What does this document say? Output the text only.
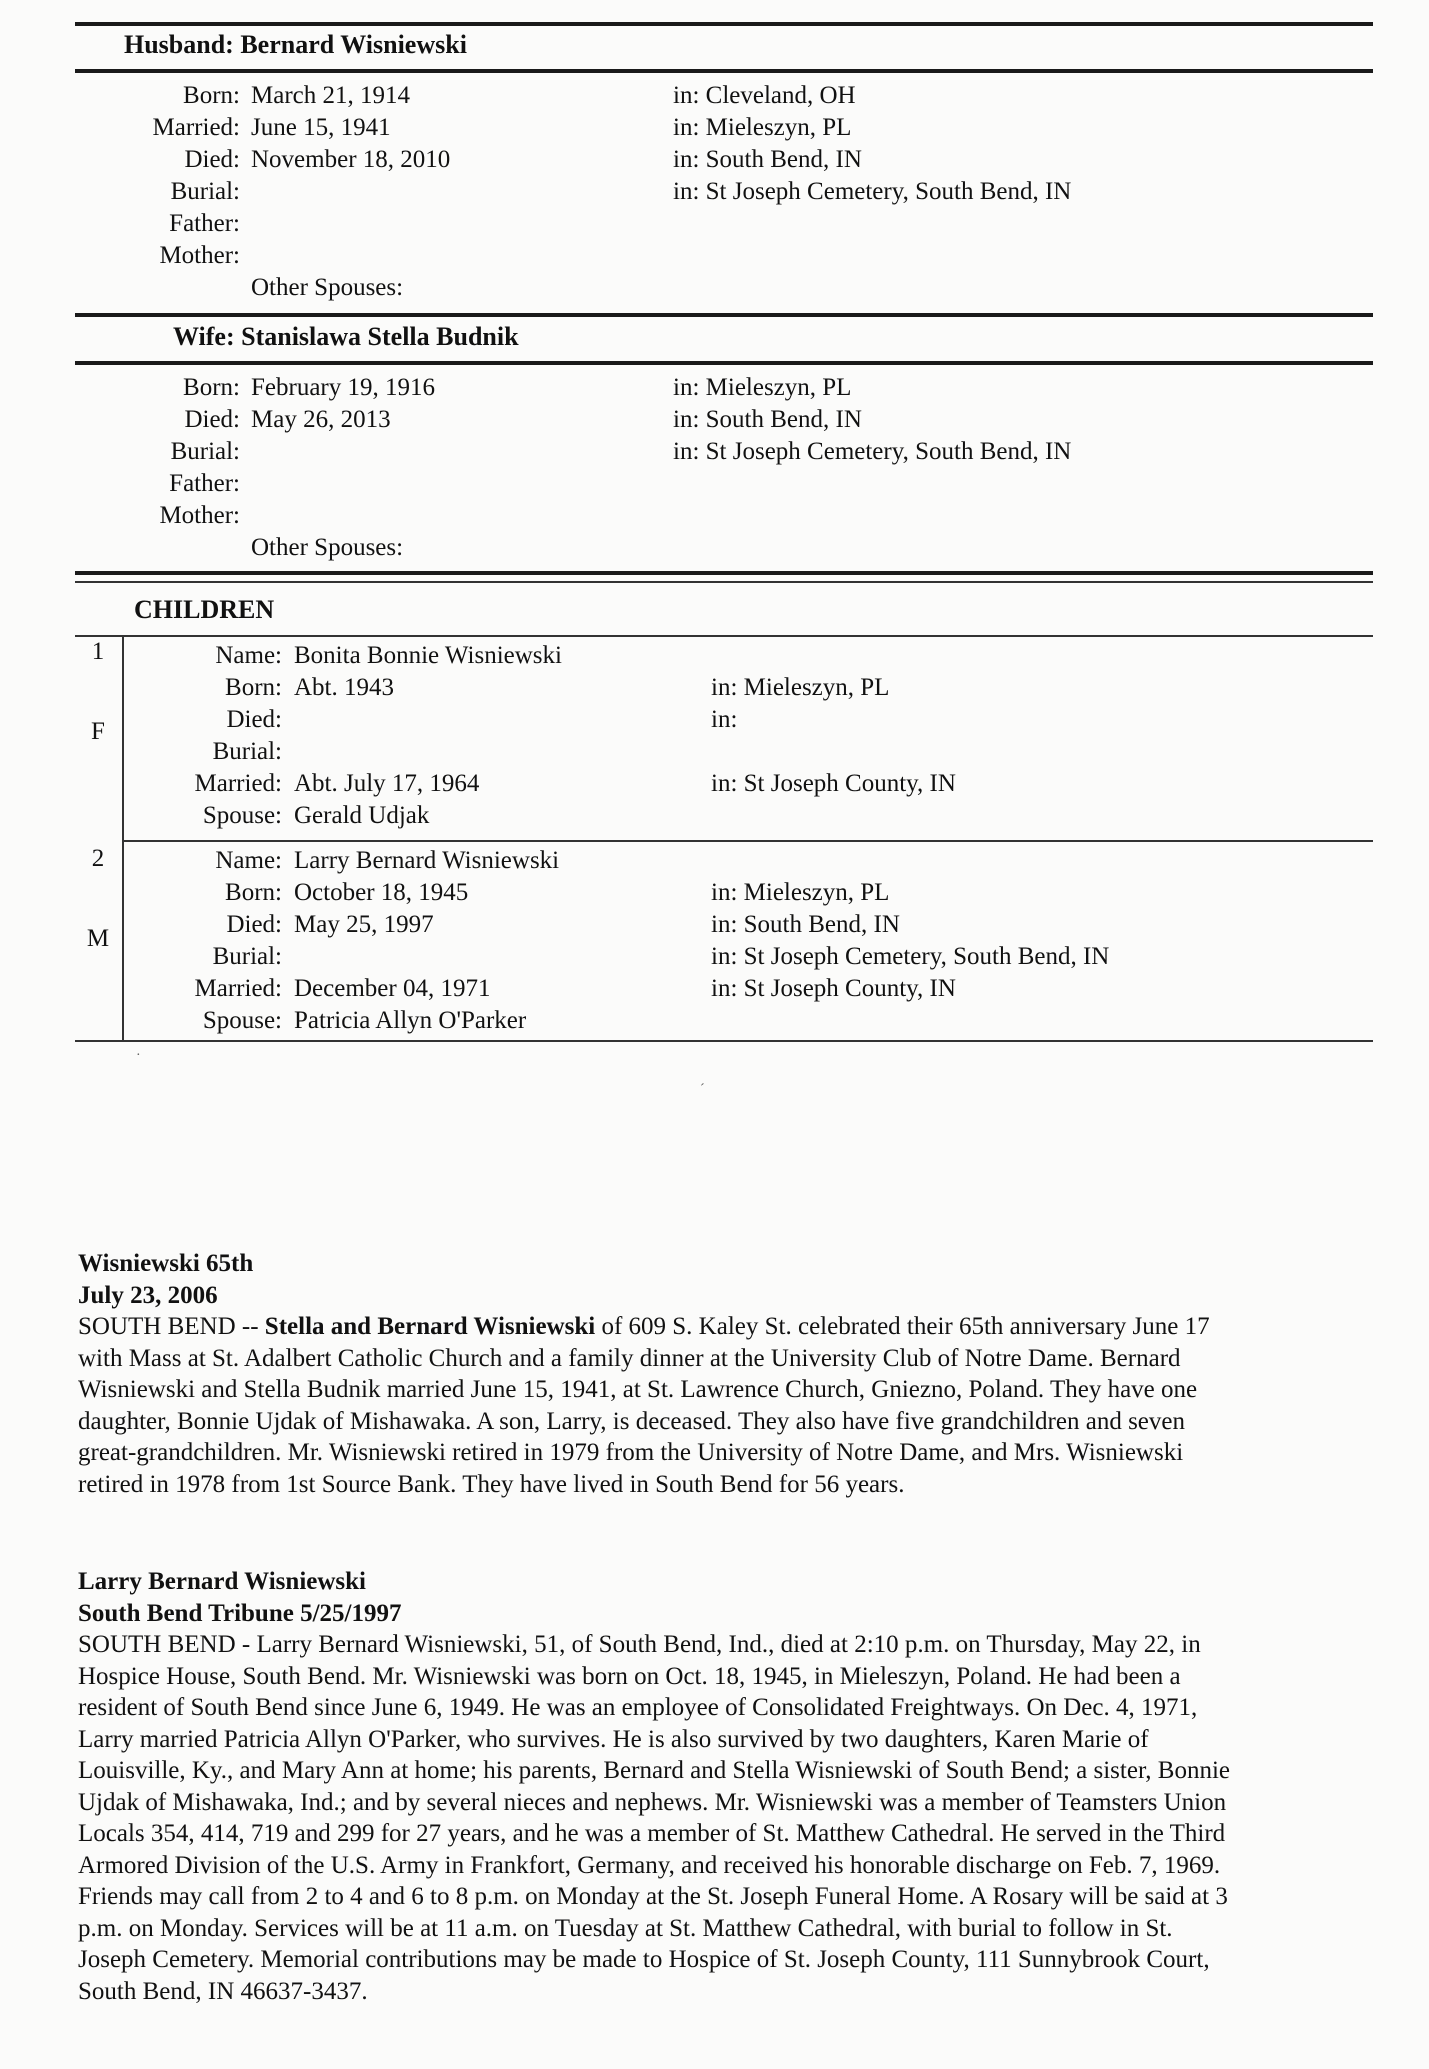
Husband: Bernard Wisniewski
Born: March 21, 1914	in: Cleveland, OH
Married: June 15, 1941	in: Mieleszyn, PL
Died: November 18, 2010	in: South Bend, IN
Burial:	in: St Joseph Cemetery, South Bend, IN
Father:
Mother:
Other Spouses:
Wife: Stanislawa Stella Budnik
Born: February 19, 1916	in: Mieleszyn, PL
Died: May 26, 2013	in: South Bend, IN
Burial:	in: St Joseph Cemetery, South Bend, IN
Father:
Mother:
Other Spouses:
CHILDREN
1
F
Name: Bonita Bonnie Wisniewski
Born: Abt. 1943	in: Mieleszyn, PL
Died:	in:
Burial:
Married: Abt. July 17, 1964	in: St Joseph County, IN
Spouse: Gerald Udjak
2
M
Name: Larry Bernard Wisniewski
Born: October 18, 1945	in: Mieleszyn, PL
Died: May 25, 1997	in: South Bend, IN
Burial:	in: St Joseph Cemetery, South Bend, IN
Married: December 04, 1971	in: St Joseph County, IN
Spouse: Patricia Allyn O'Parker
·
ˊ
Wisniewski 65th
July 23, 2006

SOUTH BEND -- Stella and Bernard Wisniewski of 609 S. Kaley St. celebrated their 65th anniversary June 17

with Mass at St. Adalbert Catholic Church and a family dinner at the University Club of Notre Dame. Bernard

Wisniewski and Stella Budnik married June 15, 1941, at St. Lawrence Church, Gniezno, Poland. They have one

daughter, Bonnie Ujdak of Mishawaka. A son, Larry, is deceased. They also have five grandchildren and seven

great-grandchildren. Mr. Wisniewski retired in 1979 from the University of Notre Dame, and Mrs. Wisniewski

retired in 1978 from 1st Source Bank. They have lived in South Bend for 56 years.

Larry Bernard Wisniewski
South Bend Tribune 5/25/1997

SOUTH BEND - Larry Bernard Wisniewski, 51, of South Bend, Ind., died at 2:10 p.m. on Thursday, May 22, in

Hospice House, South Bend. Mr. Wisniewski was born on Oct. 18, 1945, in Mieleszyn, Poland. He had been a

resident of South Bend since June 6, 1949. He was an employee of Consolidated Freightways. On Dec. 4, 1971,

Larry married Patricia Allyn O'Parker, who survives. He is also survived by two daughters, Karen Marie of

Louisville, Ky., and Mary Ann at home; his parents, Bernard and Stella Wisniewski of South Bend; a sister, Bonnie

Ujdak of Mishawaka, Ind.; and by several nieces and nephews. Mr. Wisniewski was a member of Teamsters Union

Locals 354, 414, 719 and 299 for 27 years, and he was a member of St. Matthew Cathedral. He served in the Third

Armored Division of the U.S. Army in Frankfort, Germany, and received his honorable discharge on Feb. 7, 1969.

Friends may call from 2 to 4 and 6 to 8 p.m. on Monday at the St. Joseph Funeral Home. A Rosary will be said at 3

p.m. on Monday. Services will be at 11 a.m. on Tuesday at St. Matthew Cathedral, with burial to follow in St.

Joseph Cemetery. Memorial contributions may be made to Hospice of St. Joseph County, 111 Sunnybrook Court,

South Bend, IN 46637-3437.
